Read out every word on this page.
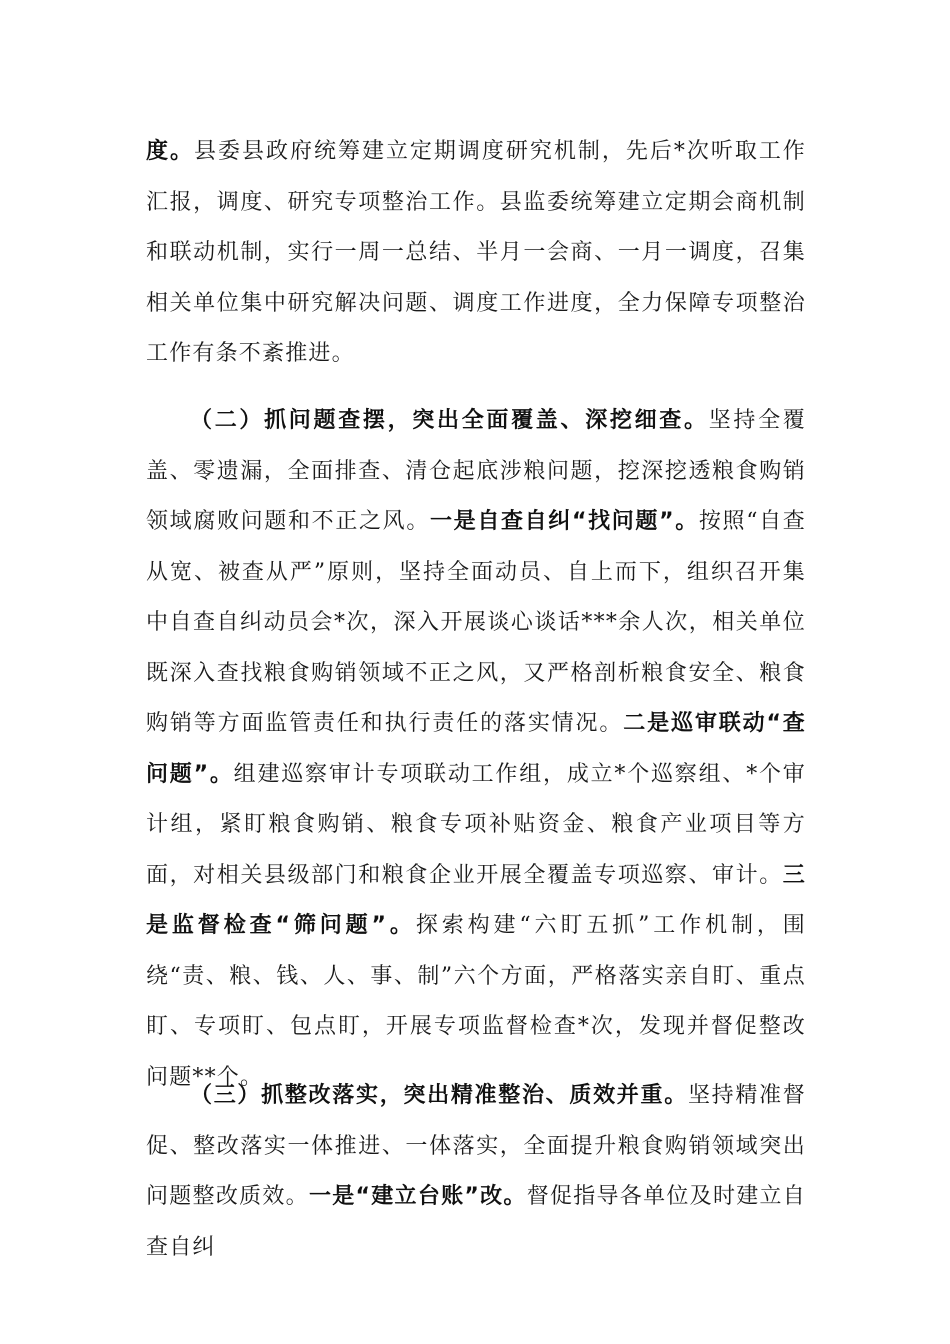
度。县委县政府统筹建立定期调度研究机制，先后*次听取工作汇报，调度、研究专项整治工作。县监委统筹建立定期会商机制和联动机制，实行一周一总结、半月一会商、一月一调度，召集相关单位集中研究解决问题、调度工作进度，全力保障专项整治工作有条不紊推进。

（二）抓问题查摆，突出全面覆盖、深挖细查。坚持全覆盖、零遗漏，全面排查、清仓起底涉粮问题，挖深挖透粮食购销领域腐败问题和不正之风。一是自查自纠“找问题”。按照“自查从宽、被查从严”原则，坚持全面动员、自上而下，组织召开集中自查自纠动员会*次，深入开展谈心谈话***余人次，相关单位既深入查找粮食购销领域不正之风，又严格剖析粮食安全、粮食购销等方面监管责任和执行责任的落实情况。二是巡审联动“查问题”。组建巡察审计专项联动工作组，成立*个巡察组、*个审计组，紧盯粮食购销、粮食专项补贴资金、粮食产业项目等方面，对相关县级部门和粮食企业开展全覆盖专项巡察、审计。三是监督检查“筛问题”。探索构建“六盯五抓”工作机制，围绕“责、粮、钱、人、事、制”六个方面，严格落实亲自盯、重点盯、专项盯、包点盯，开展专项监督检查*次，发现并督促整改问题**个。

（三）抓整改落实，突出精准整治、质效并重。坚持精准督促、整改落实一体推进、一体落实，全面提升粮食购销领域突出问题整改质效。一是“建立台账”改。督促指导各单位及时建立自查自纠
